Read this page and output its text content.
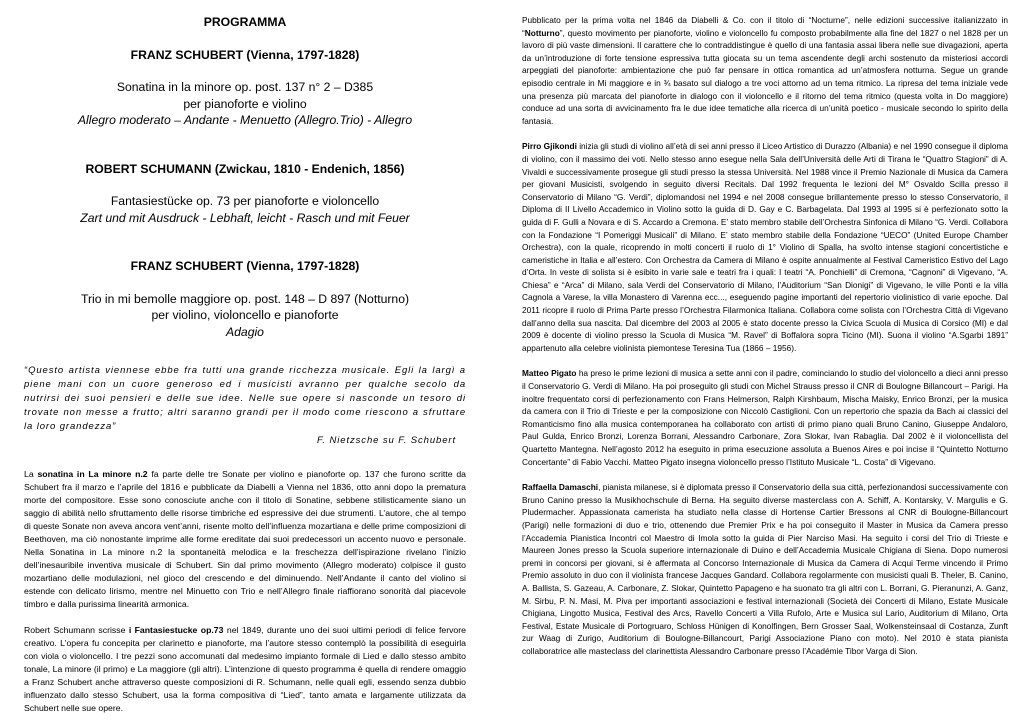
PROGRAMMA
FRANZ SCHUBERT (Vienna, 1797-1828)
Sonatina in la minore op. post. 137 n° 2 – D385
per pianoforte e violino
Allegro moderato – Andante - Menuetto (Allegro.Trio) - Allegro
ROBERT SCHUMANN (Zwickau, 1810 - Endenich, 1856)
Fantasiestücke op. 73 per pianoforte e violoncello
Zart und mit Ausdruck - Lebhaft, leicht - Rasch und mit Feuer
FRANZ SCHUBERT (Vienna, 1797-1828)
Trio in mi bemolle maggiore op. post. 148 – D 897 (Notturno)
per violino, violoncello e pianoforte
Adagio
“Questo artista viennese ebbe fra tutti una grande ricchezza musicale. Egli la largì a piene mani con un cuore generoso ed i musicisti avranno per qualche secolo da nutrirsi dei suoi pensieri e delle sue idee. Nelle sue opere si nasconde un tesoro di trovate non messe a frutto; altri saranno grandi per il modo come riescono a sfruttare la loro grandezza”
F. Nietzsche su F. Schubert

La sonatina in La minore n.2 fa parte delle tre Sonate per violino e pianoforte op. 137 che furono scritte da Schubert fra il marzo e l’aprile del 1816 e pubblicate da Diabelli a Vienna nel 1836, otto anni dopo la prematura morte del compositore. Esse sono conosciute anche con il titolo di Sonatine, sebbene stilisticamente siano un saggio di abilità nello sfruttamento delle risorse timbriche ed espressive dei due strumenti. L’autore, che al tempo di queste Sonate non aveva ancora vent’anni, risente molto dell’influenza mozartiana e delle prime composizioni di Beethoven, ma ciò nonostante imprime alle forme ereditate dai suoi predecessori un accento nuovo e personale. Nella Sonatina in La minore n.2 la spontaneità melodica e la freschezza dell’ispirazione rivelano l’inizio dell’inesauribile inventiva musicale di Schubert. Sin dal primo movimento (Allegro moderato) colpisce il gusto mozartiano delle modulazioni, nel gioco del crescendo e del diminuendo. Nell’Andante il canto del violino si estende con delicato lirismo, mentre nel Minuetto con Trio e nell’Allegro finale riaffiorano sonorità dal piacevole timbro e dalla purissima linearità armonica.

Robert Schumann scrisse i Fantasiestucke op.73 nel 1849, durante uno dei suoi ultimi periodi di felice fervore creativo. L’opera fu concepita per clarinetto e pianoforte, ma l’autore stesso contemplò la possibilità di eseguirla con viola o violoncello. I tre pezzi sono accomunati dal medesimo impianto formale di Lied e dallo stesso ambito tonale, La minore (il primo) e La maggiore (gli altri). L’intenzione di questo programma è quella di rendere omaggio a Franz Schubert anche attraverso queste composizioni di R. Schumann, nelle quali egli, essendo senza dubbio influenzato dallo stesso Schubert, usa la forma compositiva di “Lied”, tanto amata e largamente utilizzata da Schubert nelle sue opere.

Pubblicato per la prima volta nel 1846 da Diabelli & Co. con il titolo di “Nocturne”, nelle edizioni successive italianizzato in “Notturno”, questo movimento per pianoforte, violino e violoncello fu composto probabilmente alla fine del 1827 o nel 1828 per un lavoro di più vaste dimensioni. Il carattere che lo contraddistingue è quello di una fantasia assai libera nelle sue divagazioni, aperta da un’introduzione di forte tensione espressiva tutta giocata su un tema ascendente degli archi sostenuto da misteriosi accordi arpeggiati del pianoforte: ambientazione che può far pensare in ottica romantica ad un’atmosfera notturna. Segue un grande episodio centrale in Mi maggiore e in ¾ basato sul dialogo a tre voci attorno ad un tema ritmico. La ripresa del tema iniziale vede una presenza più marcata del pianoforte in dialogo con il violoncello e il ritorno del tema ritmico (questa volta in Do maggiore) conduce ad una sorta di avvicinamento fra le due idee tematiche alla ricerca di un’unità poetico - musicale secondo lo spirito della fantasia.

Pirro Gjikondi inizia gli studi di violino all’età di sei anni presso il Liceo Artistico di Durazzo (Albania) e nel 1990 consegue il diploma di violino, con il massimo dei voti. Nello stesso anno esegue nella Sala dell’Università delle Arti di Tirana le “Quattro Stagioni” di A. Vivaldi e successivamente prosegue gli studi presso la stessa Università. Nel 1988 vince il Premio Nazionale di Musica da Camera per giovani Musicisti, svolgendo in seguito diversi Recitals. Dal 1992 frequenta le lezioni del M° Osvaldo Scilla presso il Conservatorio di Milano “G. Verdi”, diplomandosi nel 1994 e nel 2008 consegue brillantemente presso lo stesso Conservatorio, il Diploma di II Livello Accademico in Violino sotto la guida di D. Gay e C. Barbagelata. Dal 1993 al 1995 si è perfezionato sotto la guida di F. Gulli a Novara e di S. Accardo a Cremona. E’ stato membro stabile dell’Orchestra Sinfonica di Milano “G. Verdi. Collabora con la Fondazione “I Pomeriggi Musicali” di Milano. E’ stato membro stabile della Fondazione “UECO” (United Europe Chamber Orchestra), con la quale, ricoprendo in molti concerti il ruolo di 1° Violino di Spalla, ha svolto intense stagioni concertistiche e cameristiche in Italia e all’estero. Con Orchestra da Camera di Milano è ospite annualmente al Festival Cameristico Estivo del Lago d’Orta. In veste di solista si è esibito in varie sale e teatri fra i quali: I teatri “A. Ponchielli” di Cremona, “Cagnoni” di Vigevano, “A. Chiesa” e “Arca” di Milano, sala Verdi del Conservatorio di Milano, l’Auditorium “San Dionigi” di Vigevano, le ville Ponti e la villa Cagnola a Varese, la villa Monastero di Varenna ecc..., eseguendo pagine importanti del repertorio violinistico di varie epoche. Dal 2011 ricopre il ruolo di Prima Parte presso l’Orchestra Filarmonica Italiana. Collabora come solista con l’Orchestra Città di Vigevano dall’anno della sua nascita. Dal dicembre del 2003 al 2005 è stato docente presso la Civica Scuola di Musica di Corsico (MI) e dal 2009 è docente di violino presso la Scuola di Musica “M. Ravel” di Boffalora sopra Ticino (MI). Suona il violino “A.Sgarbi 1891” appartenuto alla celebre violinista piemontese Teresina Tua (1866 – 1956).

Matteo Pigato ha preso le prime lezioni di musica a sette anni con il padre, cominciando lo studio del violoncello a dieci anni presso il Conservatorio G. Verdi di Milano. Ha poi proseguito gli studi con Michel Strauss presso il CNR di Boulogne Billancourt – Parigi. Ha inoltre frequentato corsi di perfezionamento con Frans Helmerson, Ralph Kirshbaum, Mischa Maisky, Enrico Bronzi, per la musica da camera con il Trio di Trieste e per la composizione con Niccolò Castiglioni. Con un repertorio che spazia da Bach ai classici del Romanticismo fino alla musica contemporanea ha collaborato con artisti di primo piano quali Bruno Canino, Giuseppe Andaloro, Paul Gulda, Enrico Bronzi, Lorenza Borrani, Alessandro Carbonare, Zora Slokar, Ivan Rabaglia. Dal 2002 è il violoncellista del Quartetto Mantegna. Nell’agosto 2012 ha eseguito in prima esecuzione assoluta a Buenos Aires e poi incise il “Quintetto Notturno Concertante” di Fabio Vacchi. Matteo Pigato insegna violoncello presso l’Istituto Musicale “L. Costa” di Vigevano.

Raffaella Damaschi, pianista milanese, si è diplomata presso il Conservatorio della sua città, perfezionandosi successivamente con Bruno Canino presso la Musikhochschule di Berna. Ha seguito diverse masterclass con A. Schiff, A. Kontarsky, V. Margulis e G. Pludermacher. Appassionata camerista ha studiato nella classe di Hortense Cartier Bressons al CNR di Boulogne-Billancourt (Parigi) nelle formazioni di duo e trio, ottenendo due Premier Prix e ha poi conseguito il Master in Musica da Camera presso l’Accademia Pianistica Incontri col Maestro di Imola sotto la guida di Pier Narciso Masi. Ha seguito i corsi del Trio di Trieste e Maureen Jones presso la Scuola superiore internazionale di Duino e dell’Accademia Musicale Chigiana di Siena. Dopo numerosi premi in concorsi per giovani, si è affermata al Concorso Internazionale di Musica da Camera di Acqui Terme vincendo il Primo Premio assoluto in duo con il violinista francese Jacques Gandard. Collabora regolarmente con musicisti quali B. Theler, B. Canino, A. Ballista, S. Gazeau, A. Carbonare, Z. Slokar, Quintetto Papageno e ha suonato tra gli altri con L. Borrani, G. Pieranunzi, A. Ganz, M. Sirbu, P. N. Masi, M. Piva per importanti associazioni e festival internazionali (Società dei Concerti di Milano, Estate Musicale Chigiana, Lingotto Musica, Festival des Arcs, Ravello Concerti a Villa Rufolo, Arte e Musica sul Lario, Auditorium di Milano, Orta Festival, Estate Musicale di Portogruaro, Schloss Hünigen di Konolfingen, Bern Grosser Saal, Wolkensteinsaal di Costanza, Zunft zur Waag di Zurigo, Auditorium di Boulogne-Billancourt, Parigi Associazione Piano con moto). Nel 2010 è stata pianista collaboratrice alle masteclass del clarinettista Alessandro Carbonare presso l’Académie Tibor Varga di Sion.
